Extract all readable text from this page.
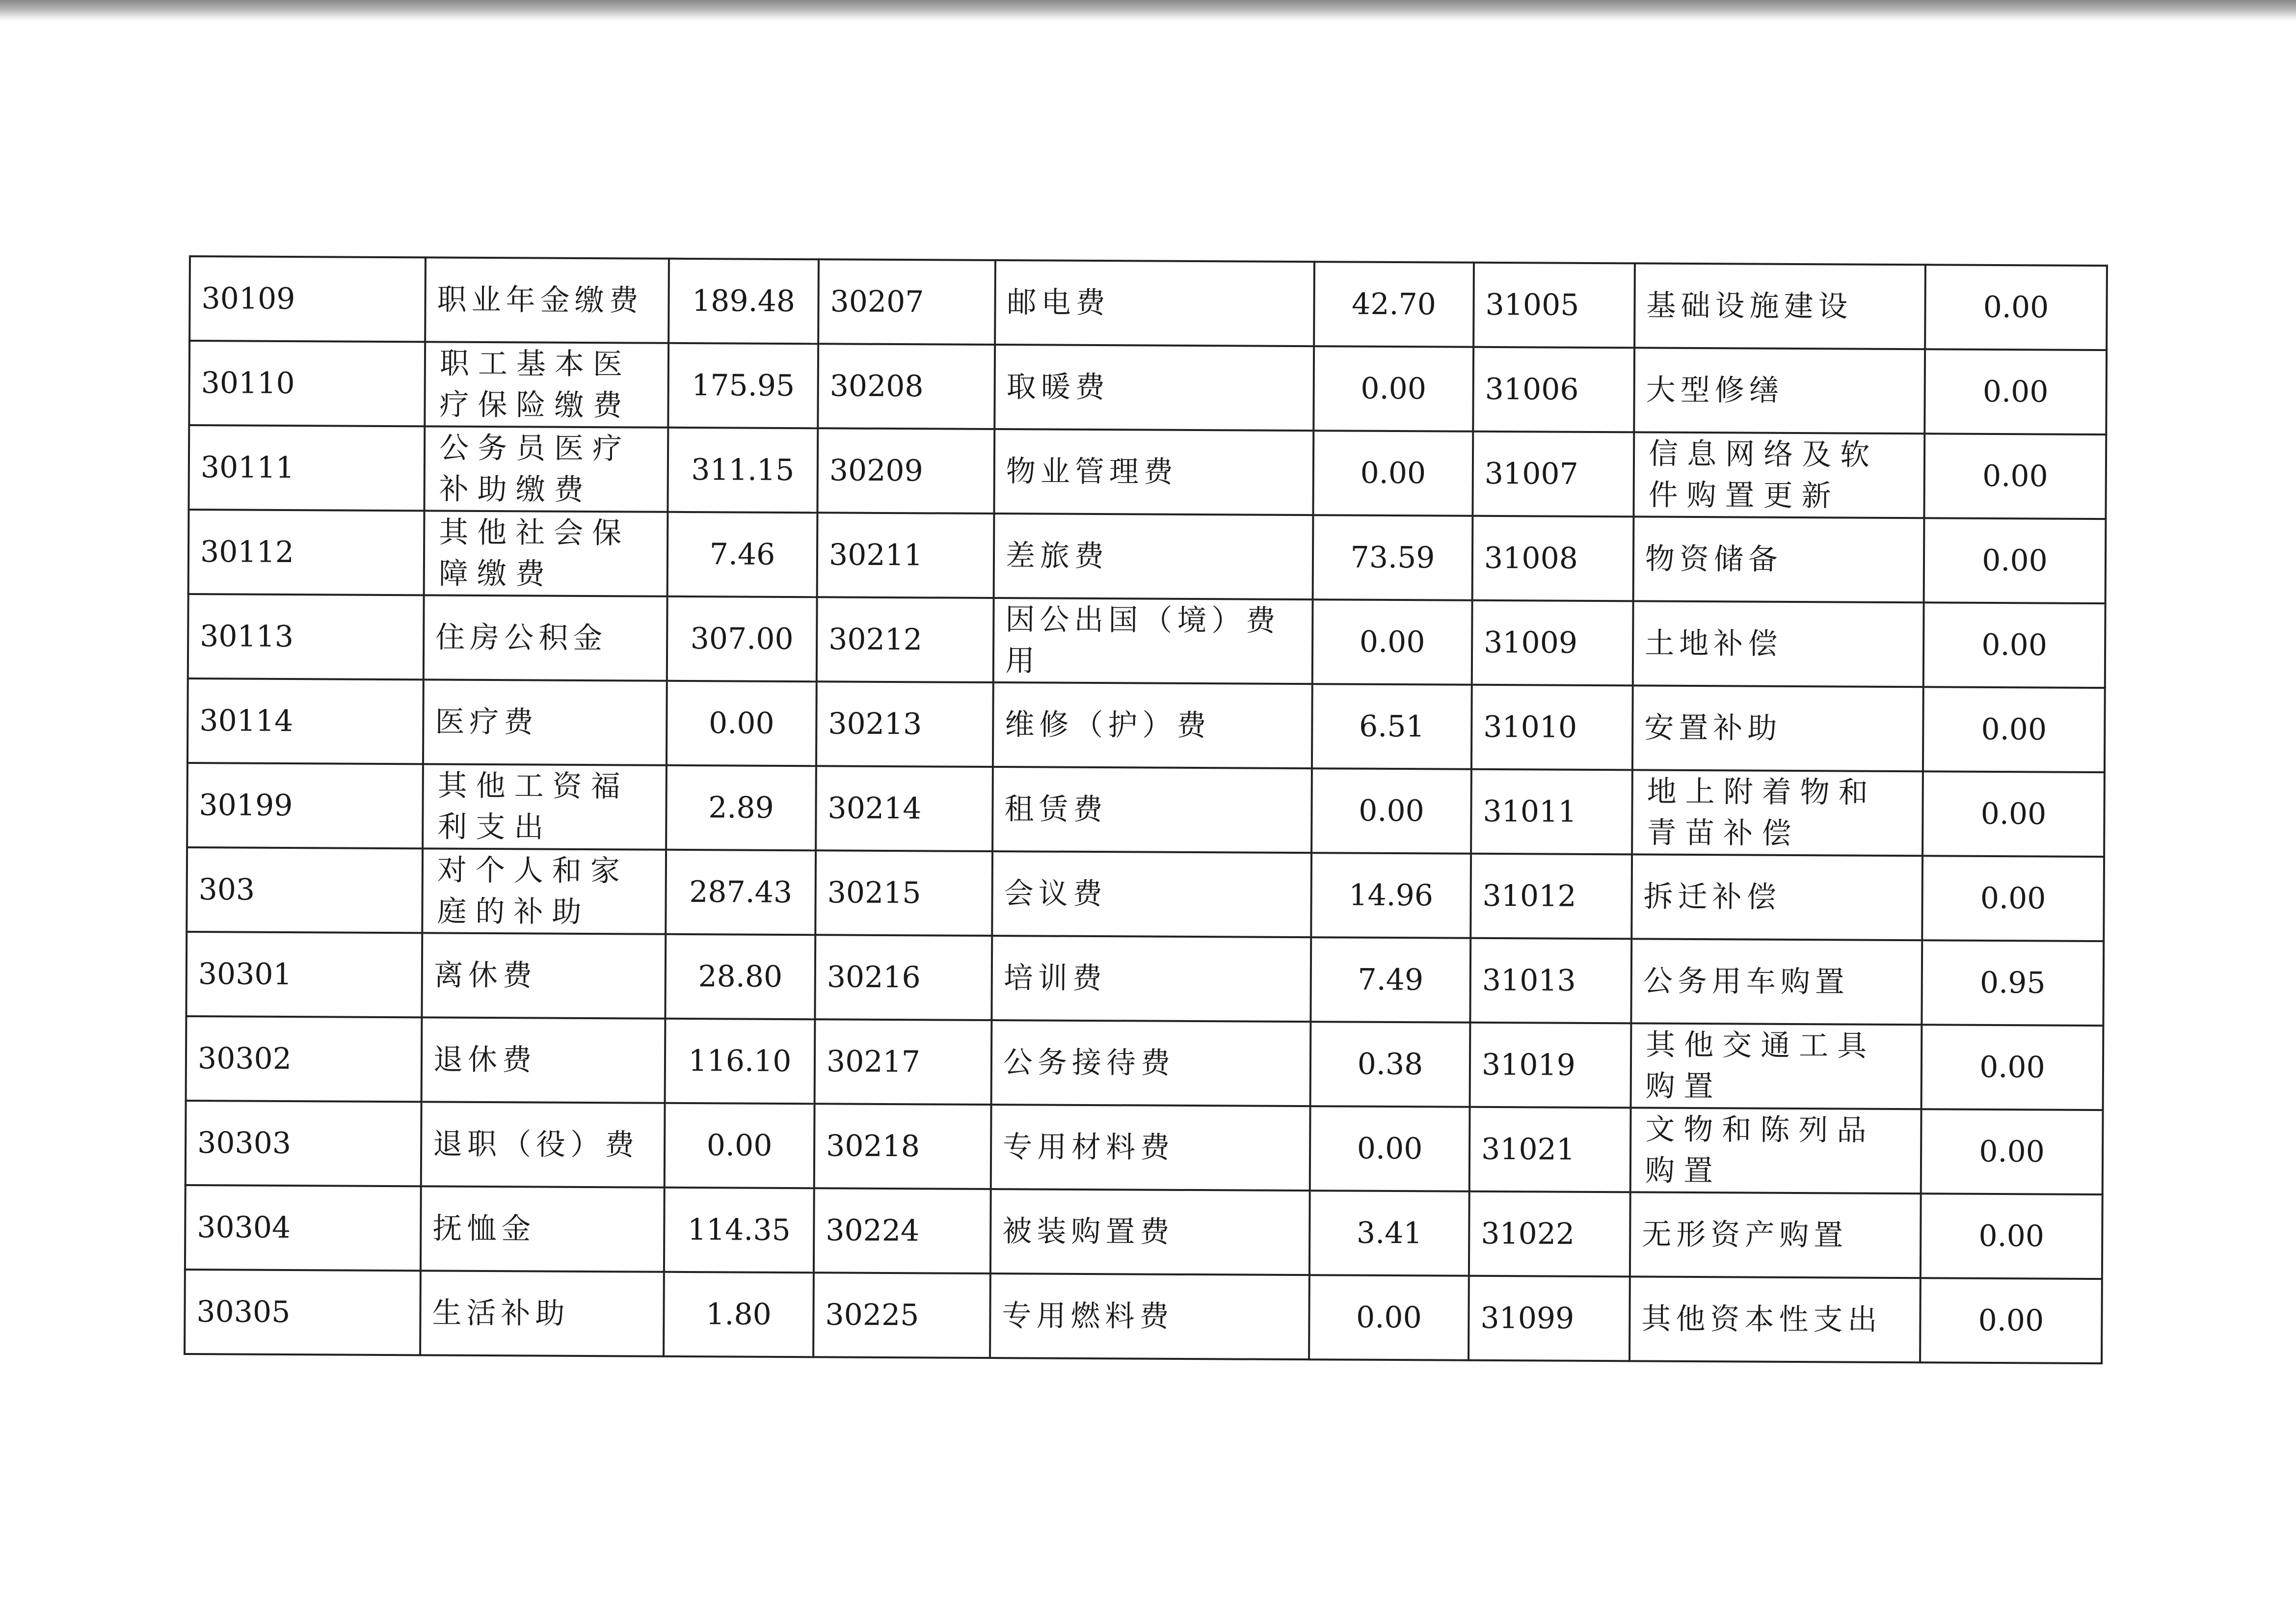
30109	职业年金缴费	189.48	30207	邮电费	42.70	31005	基础设施建设	0.00
30110	职工基本医疗保险缴费	175.95	30208	取暖费	0.00	31006	大型修缮	0.00
30111	公务员医疗补助缴费	311.15	30209	物业管理费	0.00	31007	信息网络及软件购置更新	0.00
30112	其他社会保障缴费	7.46	30211	差旅费	73.59	31008	物资储备	0.00
30113	住房公积金	307.00	30212	因公出国（境）费用	0.00	31009	土地补偿	0.00
30114	医疗费	0.00	30213	维修（护）费	6.51	31010	安置补助	0.00
30199	其他工资福利支出	2.89	30214	租赁费	0.00	31011	地上附着物和青苗补偿	0.00
303	对个人和家庭的补助	287.43	30215	会议费	14.96	31012	拆迁补偿	0.00
30301	离休费	28.80	30216	培训费	7.49	31013	公务用车购置	0.95
30302	退休费	116.10	30217	公务接待费	0.38	31019	其他交通工具购置	0.00
30303	退职（役）费	0.00	30218	专用材料费	0.00	31021	文物和陈列品购置	0.00
30304	抚恤金	114.35	30224	被装购置费	3.41	31022	无形资产购置	0.00
30305	生活补助	1.80	30225	专用燃料费	0.00	31099	其他资本性支出	0.00
